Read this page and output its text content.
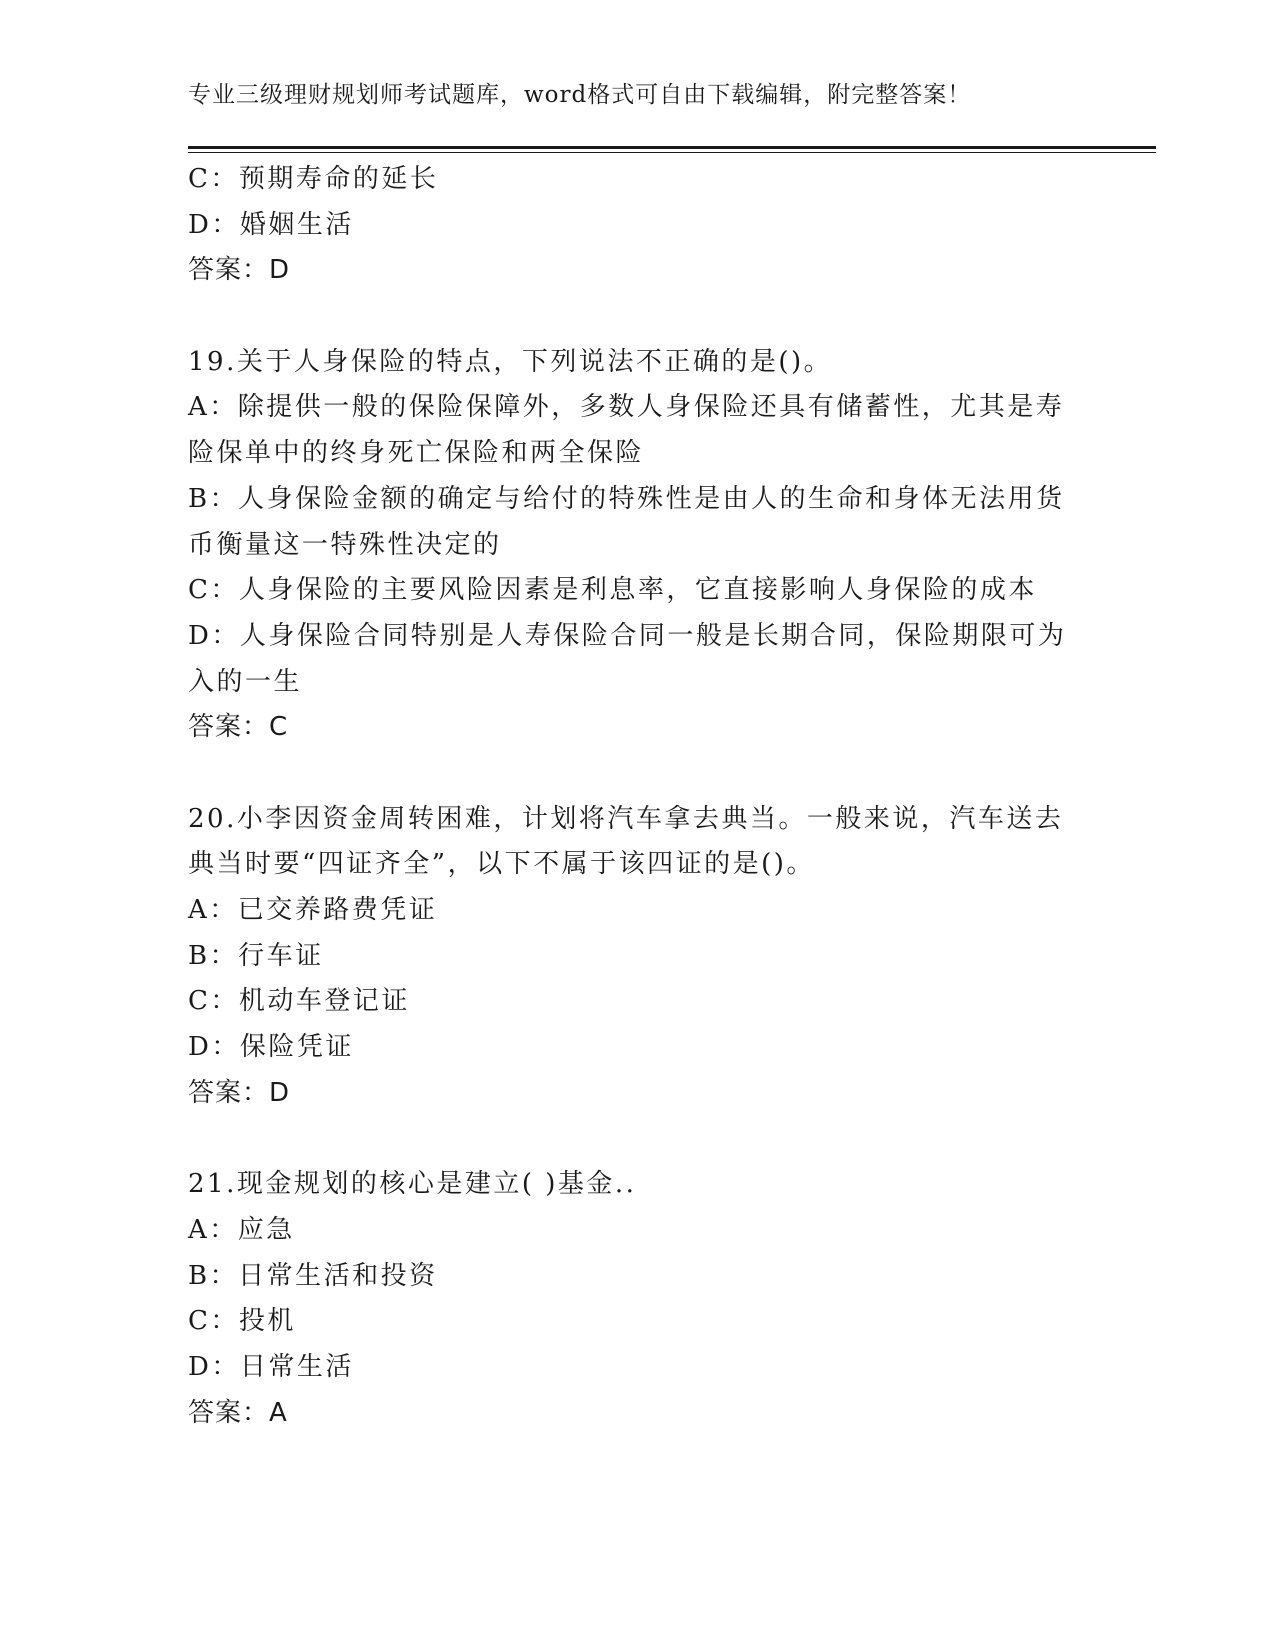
专业三级理财规划师考试题库，word格式可自由下载编辑，附完整答案！
C：预期寿命的延长
D：婚姻生活
答案：D
19.关于人身保险的特点，下列说法不正确的是()。
A：除提供一般的保险保障外，多数人身保险还具有储蓄性，尤其是寿
险保单中的终身死亡保险和两全保险
B：人身保险金额的确定与给付的特殊性是由人的生命和身体无法用货
币衡量这一特殊性决定的
C：人身保险的主要风险因素是利息率，它直接影响人身保险的成本
D：人身保险合同特别是人寿保险合同一般是长期合同，保险期限可为
入的一生
答案：C
20.小李因资金周转困难，计划将汽车拿去典当。一般来说，汽车送去
典当时要“四证齐全”，以下不属于该四证的是()。
A：已交养路费凭证
B：行车证
C：机动车登记证
D：保险凭证
答案：D
21.现金规划的核心是建立( )基金..
A：应急
B：日常生活和投资
C：投机
D：日常生活
答案：A
